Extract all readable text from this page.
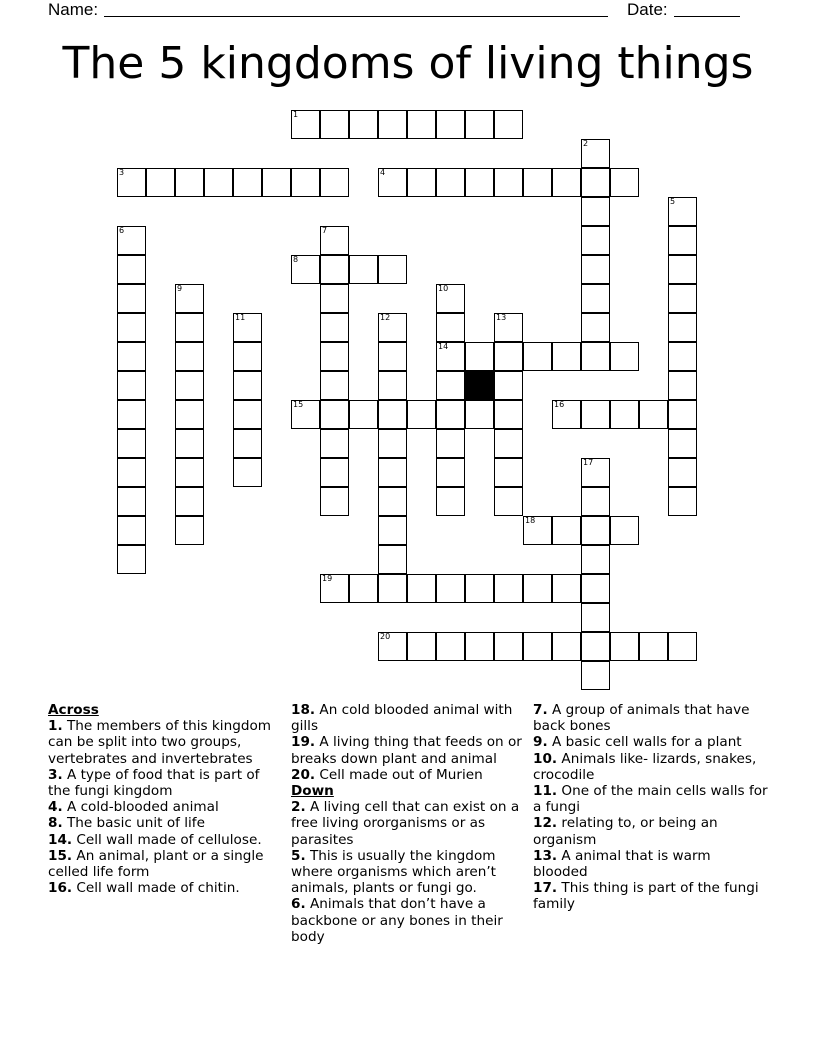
Name:	Date:
The 5 kingdoms of living things
1
2
3	4
5
6	7
8
9	10
14
11	12	13
15	16
17
18
19
20
Across
1. The members of this kingdom can be split into two groups, vertebrates and invertebrates
3. A type of food that is part of the fungi kingdom
4. A cold-blooded animal
8. The basic unit of life
14. Cell wall made of cellulose.
15. An animal, plant or a single celled life form
16. Cell wall made of chitin.
18. An cold blooded animal with gills
19. A living thing that feeds on or breaks down plant and animal
20. Cell made out of Murien
Down
2. A living cell that can exist on a free living ororganisms or as parasites
5. This is usually the kingdom where organisms which aren’t animals, plants or fungi go.
6. Animals that don’t have a backbone or any bones in their body
7. A group of animals that have back bones
9. A basic cell walls for a plant
10. Animals like- lizards, snakes, crocodile
11. One of the main cells walls for a fungi
12. relating to, or being an organism
13. A animal that is warm blooded
17. This thing is part of the fungi family
